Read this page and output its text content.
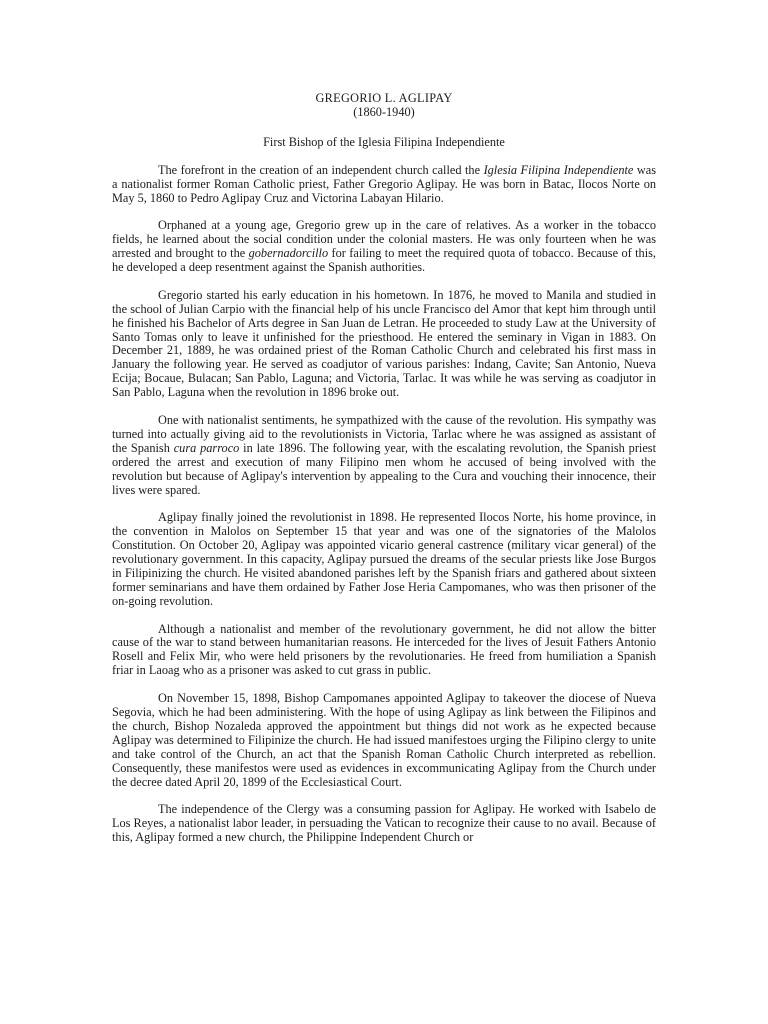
GREGORIO L. AGLIPAY

(1860-1940)

First Bishop of the Iglesia Filipina Independiente

The forefront in the creation of an independent church called the Iglesia Filipina Independiente was a nationalist former Roman Catholic priest, Father Gregorio Aglipay. He was born in Batac, Ilocos Norte on May 5, 1860 to Pedro Aglipay Cruz and Victorina Labayan Hilario.

Orphaned at a young age, Gregorio grew up in the care of relatives. As a worker in the tobacco fields, he learned about the social condition under the colonial masters. He was only fourteen when he was arrested and brought to the gobernadorcillo for failing to meet the required quota of tobacco. Because of this, he developed a deep resentment against the Spanish authorities.

Gregorio started his early education in his hometown. In 1876, he moved to Manila and studied in the school of Julian Carpio with the financial help of his uncle Francisco del Amor that kept him through until he finished his Bachelor of Arts degree in San Juan de Letran. He proceeded to study Law at the University of Santo Tomas only to leave it unfinished for the priesthood. He entered the seminary in Vigan in 1883. On December 21, 1889, he was ordained priest of the Roman Catholic Church and celebrated his first mass in January the following year. He served as coadjutor of various parishes: Indang, Cavite; San Antonio, Nueva Ecija; Bocaue, Bulacan; San Pablo, Laguna; and Victoria, Tarlac. It was while he was serving as coadjutor in San Pablo, Laguna when the revolution in 1896 broke out.

One with nationalist sentiments, he sympathized with the cause of the revolution. His sympathy was turned into actually giving aid to the revolutionists in Victoria, Tarlac where he was assigned as assistant of the Spanish cura parroco in late 1896. The following year, with the escalating revolution, the Spanish priest ordered the arrest and execution of many Filipino men whom he accused of being involved with the revolution but because of Aglipay's intervention by appealing to the Cura and vouching their innocence, their lives were spared.

Aglipay finally joined the revolutionist in 1898. He represented Ilocos Norte, his home province, in the convention in Malolos on September 15 that year and was one of the signatories of the Malolos Constitution. On October 20, Aglipay was appointed vicario general castrence (military vicar general) of the revolutionary government. In this capacity, Aglipay pursued the dreams of the secular priests like Jose Burgos in Filipinizing the church. He visited abandoned parishes left by the Spanish friars and gathered about sixteen former seminarians and have them ordained by Father Jose Heria Campomanes, who was then prisoner of the on-going revolution.

Although a nationalist and member of the revolutionary government, he did not allow the bitter cause of the war to stand between humanitarian reasons. He interceded for the lives of Jesuit Fathers Antonio Rosell and Felix Mir, who were held prisoners by the revolutionaries. He freed from humiliation a Spanish friar in Laoag who as a prisoner was asked to cut grass in public.

On November 15, 1898, Bishop Campomanes appointed Aglipay to takeover the diocese of Nueva Segovia, which he had been administering. With the hope of using Aglipay as link between the Filipinos and the church, Bishop Nozaleda approved the appointment but things did not work as he expected because Aglipay was determined to Filipinize the church. He had issued manifestoes urging the Filipino clergy to unite and take control of the Church, an act that the Spanish Roman Catholic Church interpreted as rebellion. Consequently, these manifestos were used as evidences in excommunicating Aglipay from the Church under the decree dated April 20, 1899 of the Ecclesiastical Court.

The independence of the Clergy was a consuming passion for Aglipay. He worked with Isabelo de Los Reyes, a nationalist labor leader, in persuading the Vatican to recognize their cause to no avail. Because of this, Aglipay formed a new church, the Philippine Independent Church or
